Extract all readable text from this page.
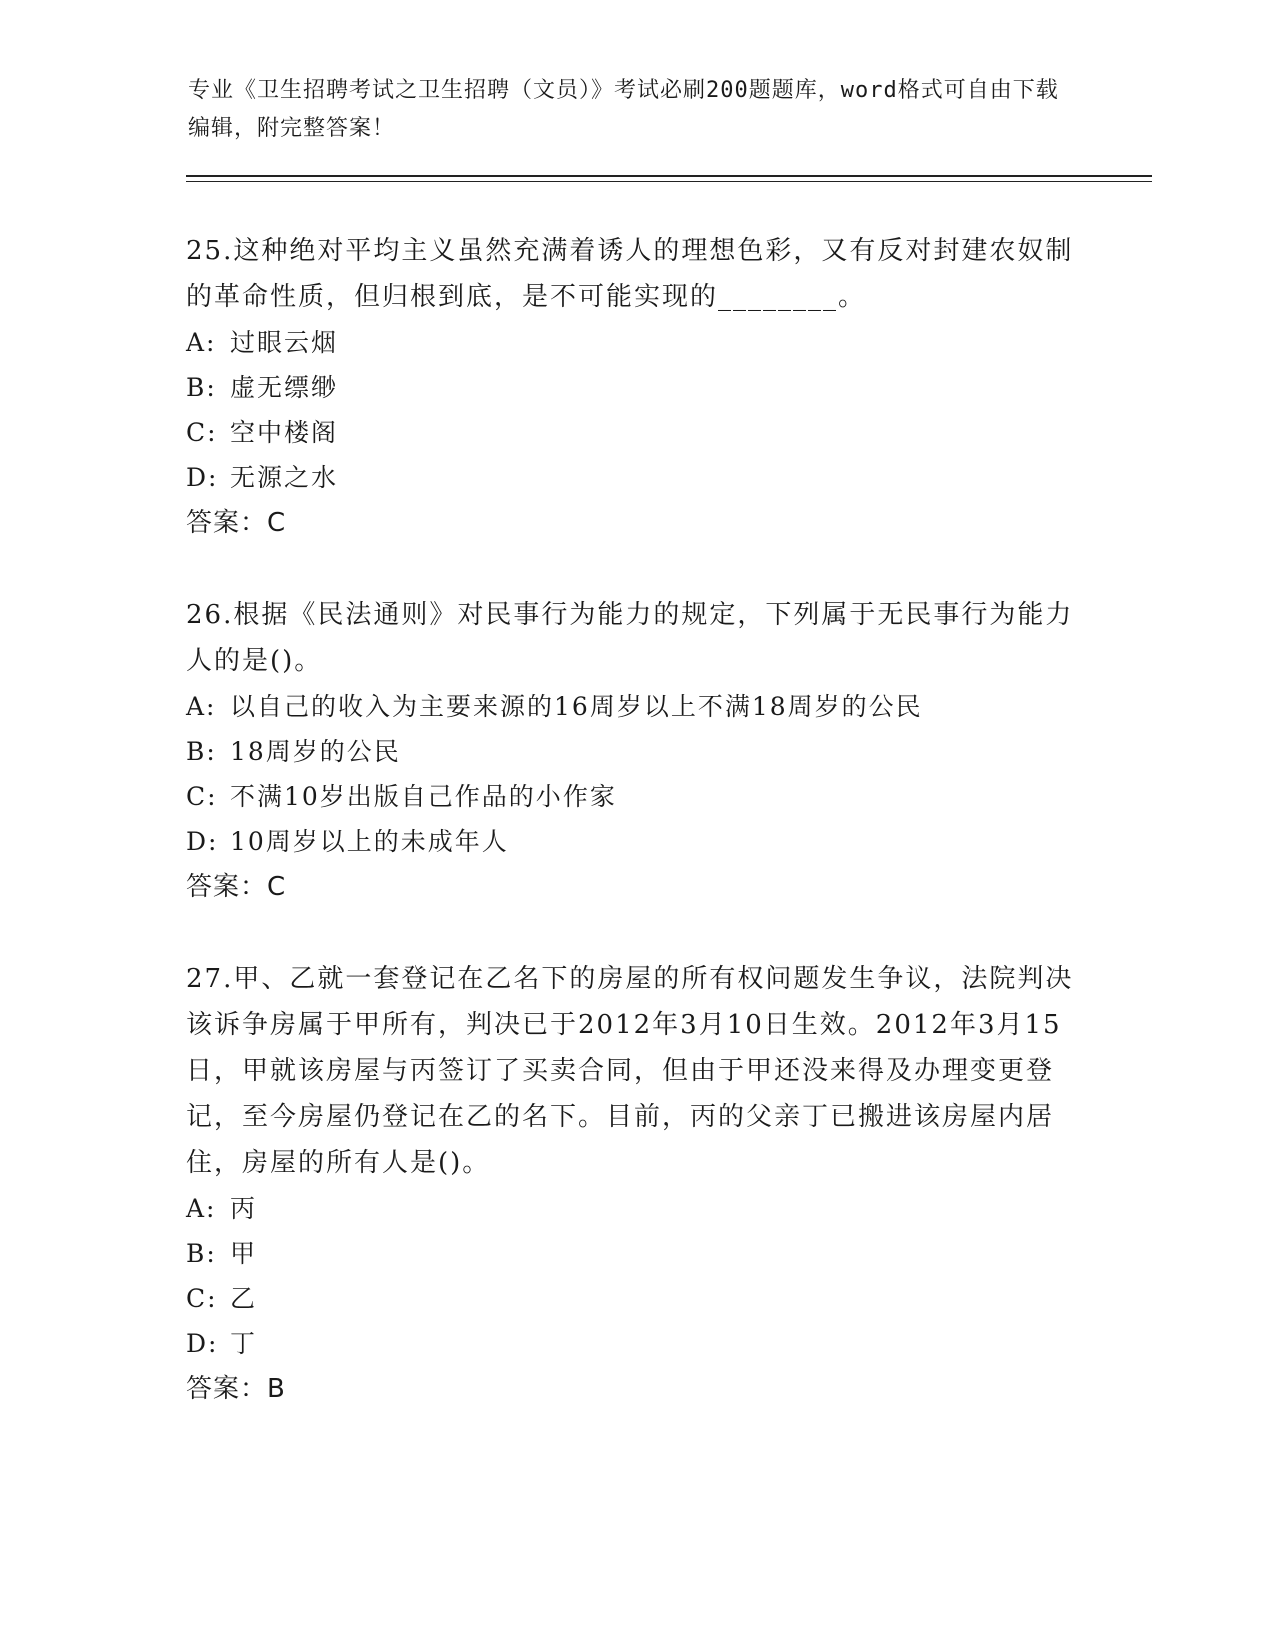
专业《卫生招聘考试之卫生招聘（文员）》考试必刷200题题库，word格式可自由下载编辑，附完整答案！

25.这种绝对平均主义虽然充满着诱人的理想色彩，又有反对封建农奴制的革命性质，但归根到底，是不可能实现的________。

A: 过眼云烟

B: 虚无缥缈

C: 空中楼阁

D: 无源之水

答案：C

26.根据《民法通则》对民事行为能力的规定，下列属于无民事行为能力人的是()。

A: 以自己的收入为主要来源的16周岁以上不满18周岁的公民

B: 18周岁的公民

C: 不满10岁出版自己作品的小作家

D: 10周岁以上的未成年人

答案：C

27.甲、乙就一套登记在乙名下的房屋的所有权问题发生争议，法院判决该诉争房属于甲所有，判决已于2012年3月10日生效。2012年3月15日，甲就该房屋与丙签订了买卖合同，但由于甲还没来得及办理变更登记，至今房屋仍登记在乙的名下。目前，丙的父亲丁已搬进该房屋内居住，房屋的所有人是()。

A: 丙

B: 甲

C: 乙

D: 丁

答案：B
